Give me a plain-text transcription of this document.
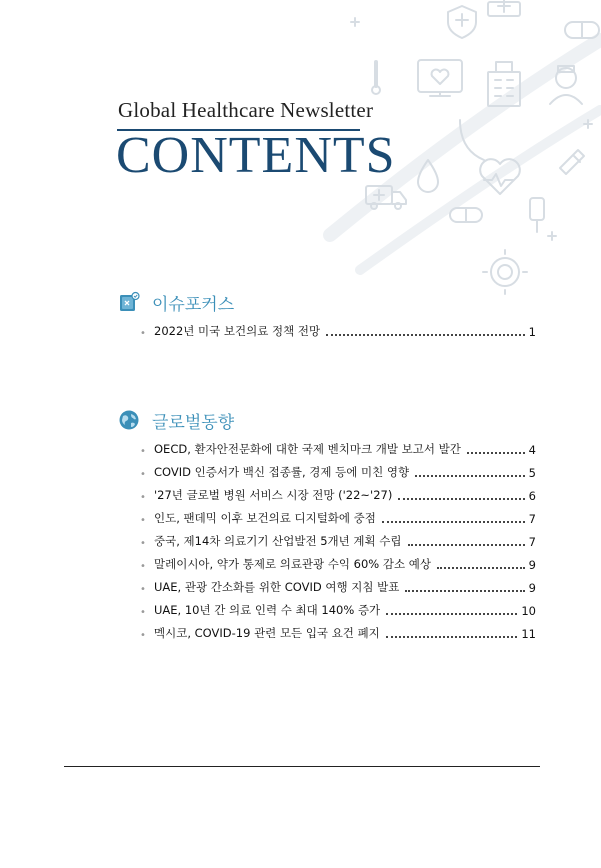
Global Healthcare Newsletter
CONTENTS
이슈포커스
• 2022년 미국 보건의료 정책 전망	1
글로벌동향
• OECD, 환자안전문화에 대한 국제 벤치마크 개발 보고서 발간	4
• COVID 인증서가 백신 접종률, 경제 등에 미친 영향	5
• '27년 글로벌 병원 서비스 시장 전망 ('22~'27)	6
• 인도, 팬데믹 이후 보건의료 디지털화에 중점	7
• 중국, 제14차 의료기기 산업발전 5개년 계획 수립	7
• 말레이시아, 약가 통제로 의료관광 수익 60% 감소 예상	9
• UAE, 관광 간소화를 위한 COVID 여행 지침 발표	9
• UAE, 10년 간 의료 인력 수 최대 140% 증가	10
• 멕시코, COVID-19 관련 모든 입국 요건 폐지	11
